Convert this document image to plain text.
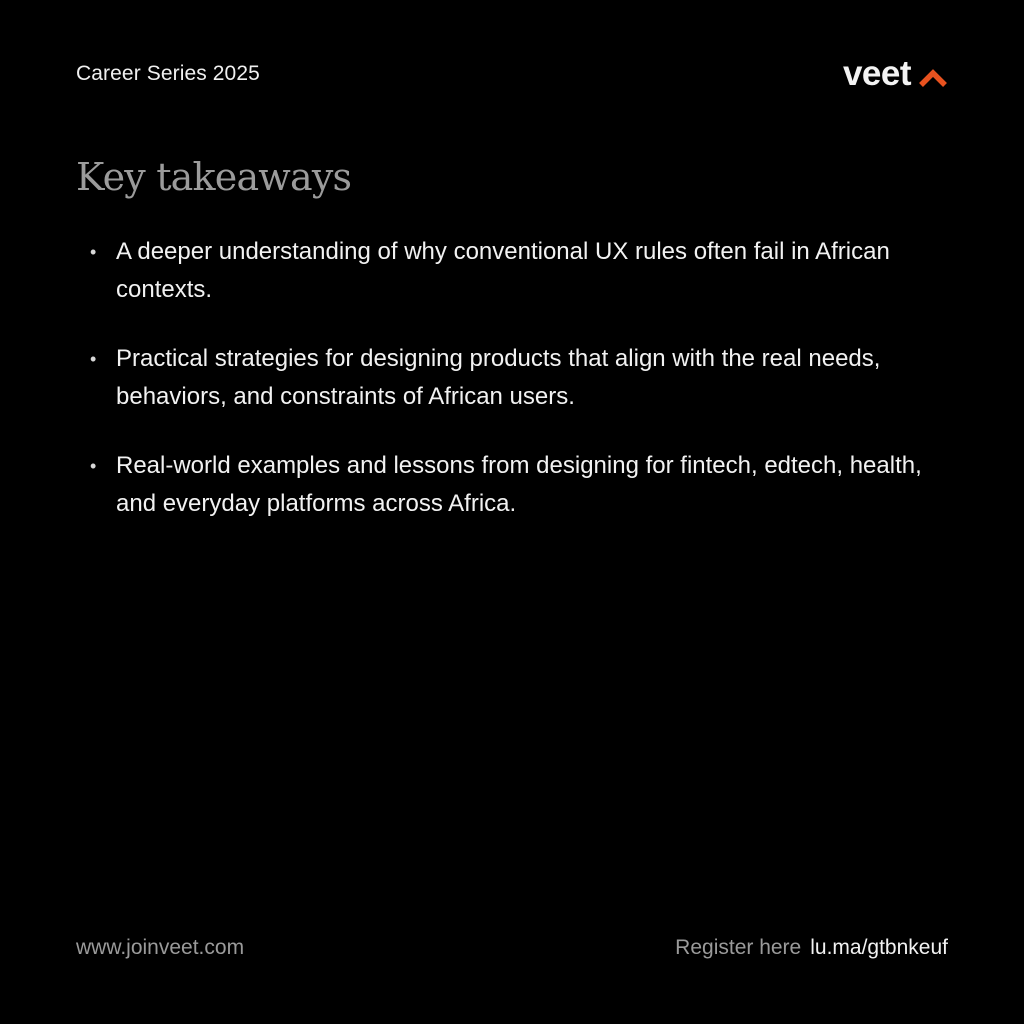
Career Series 2025	veet
Key takeaways
• A deeper understanding of why conventional UX rules often fail in African contexts.
• Practical strategies for designing products that align with the real needs, behaviors, and constraints of African users.
• Real-world examples and lessons from designing for fintech, edtech, health, and everyday platforms across Africa.
www.joinveet.com	Register here lu.ma/gtbnkeuf
